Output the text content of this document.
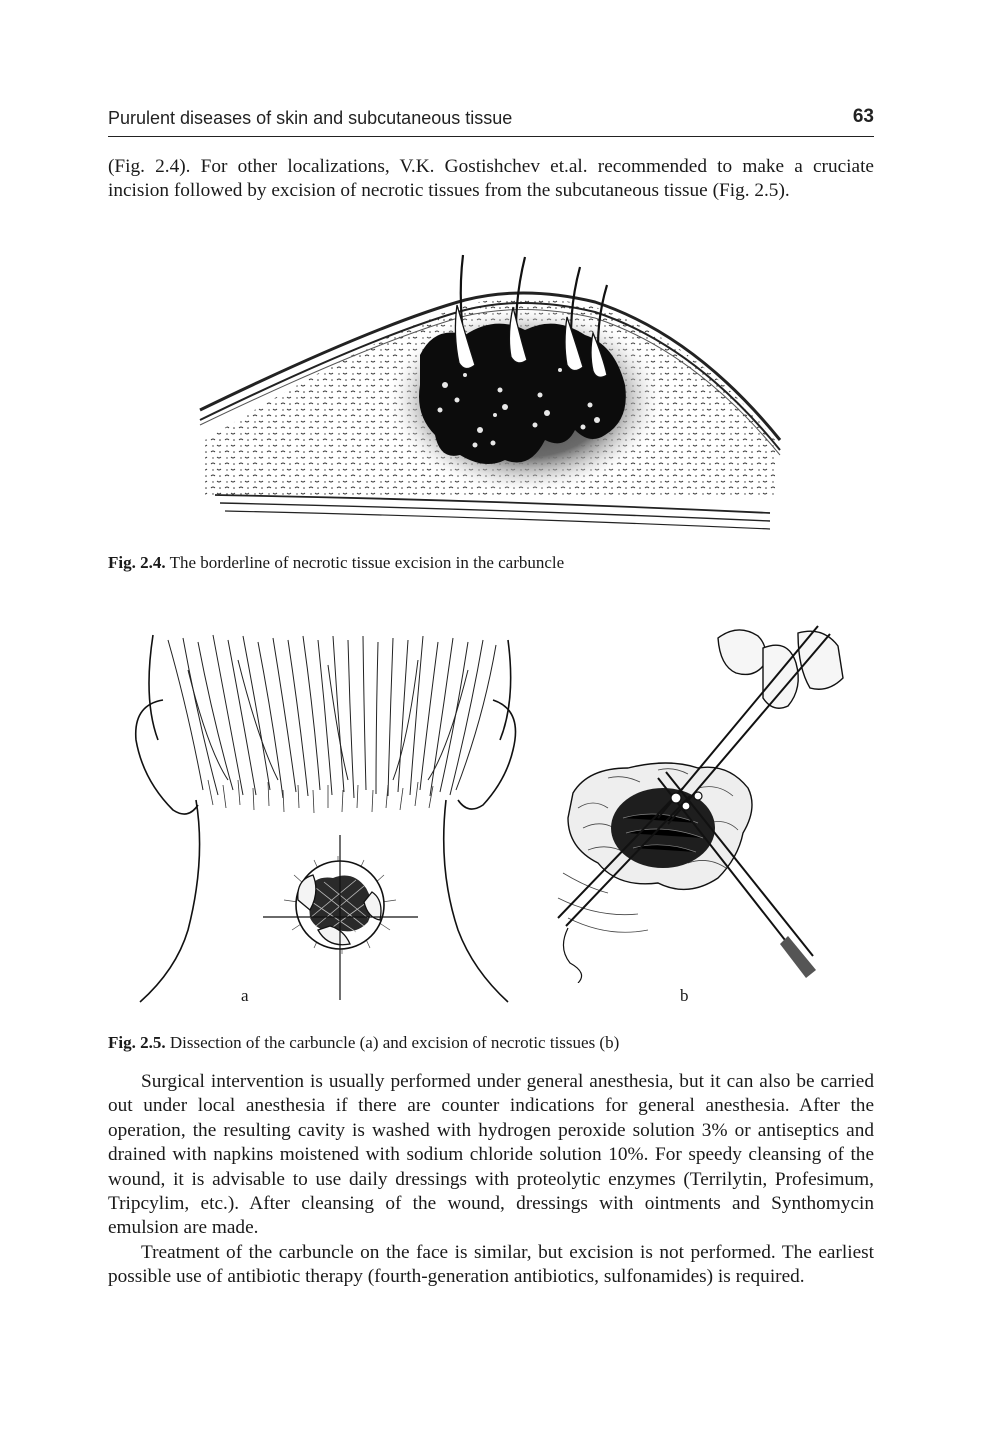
Purulent diseases of skin and subcutaneous tissue	63
(Fig. 2.4). For other localizations, V.K. Gostishchev et.al. recommended to make a cruciate incision followed by excision of necrotic tissues from the subcutaneous tissue (Fig. 2.5).
Fig. 2.4. The borderline of necrotic tissue excision in the carbuncle
a	b
Fig. 2.5. Dissection of the carbuncle (a) and excision of necrotic tissues (b)

Surgical intervention is usually performed under general anesthesia, but it can also be carried out under local anesthesia if there are counter indications for general anesthesia. After the operation, the resulting cavity is washed with hydrogen peroxide solution 3% or antiseptics and drained with napkins moistened with sodium chloride solution 10%. For speedy cleansing of the wound, it is advisable to use daily dressings with proteolytic enzymes (Terrilytin, Profesimum, Tripcylim, etc.). After cleansing of the wound, dressings with ointments and Synthomycin emulsion are made.

Treatment of the carbuncle on the face is similar, but excision is not performed. The earliest possible use of antibiotic therapy (fourth-generation antibiotics, sulfonamides) is required.
